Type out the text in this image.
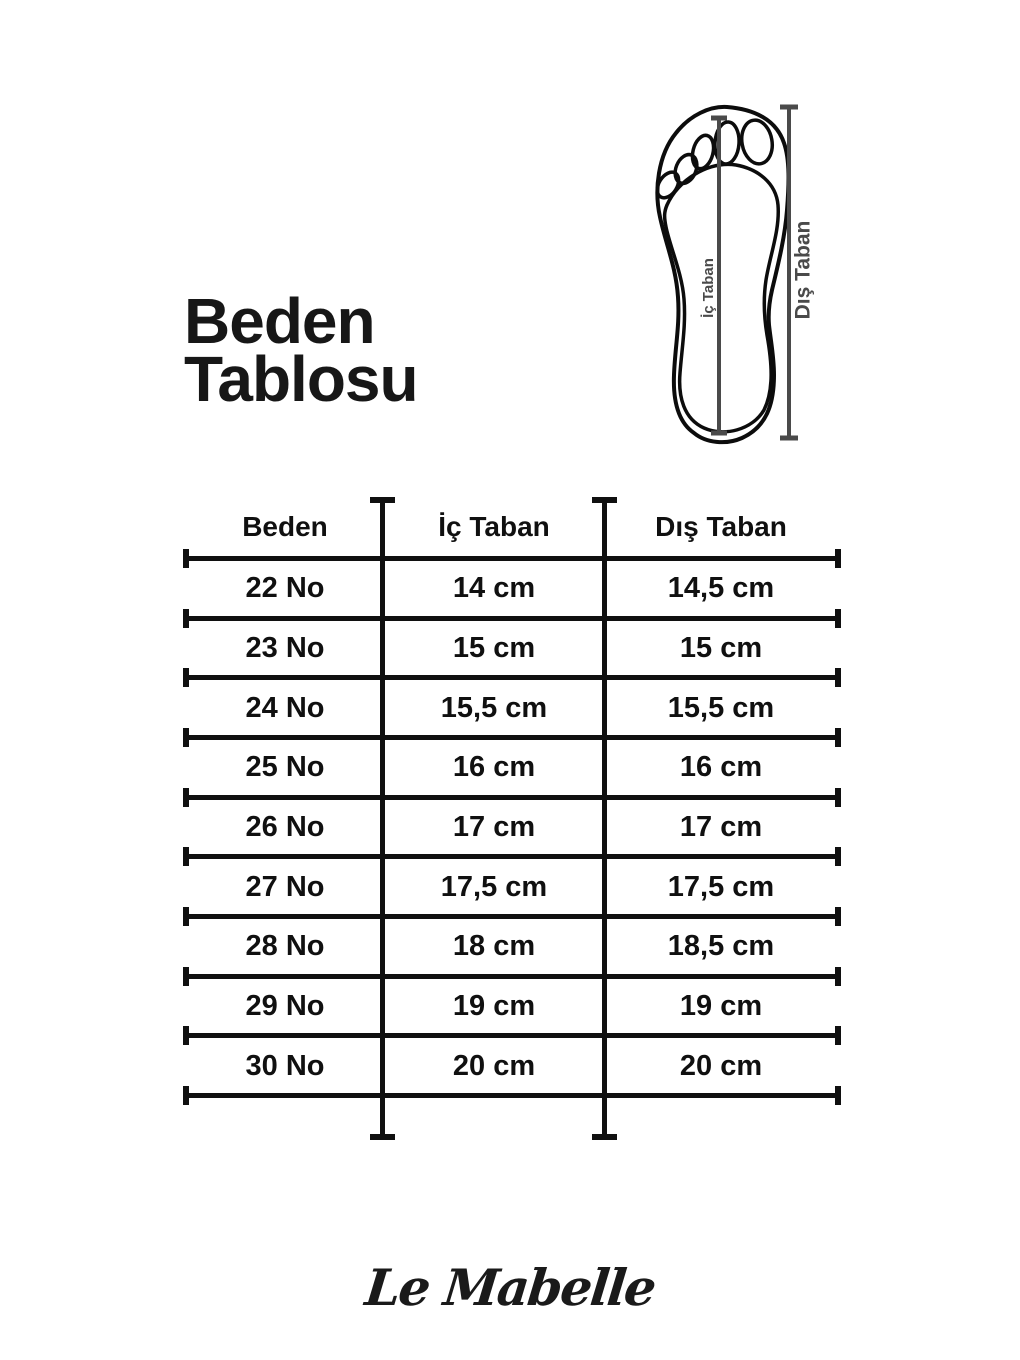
Beden
Tablosu
İç Taban	Dış Taban
Beden	İç Taban	Dış Taban
22 No	14 cm	14,5 cm
23 No	15 cm	15 cm
24 No	15,5 cm	15,5 cm
25 No	16 cm	16 cm
26 No	17 cm	17 cm
27 No	17,5 cm	17,5 cm
28 No	18 cm	18,5 cm
29 No	19 cm	19 cm
30 No	20 cm	20 cm
Le Mabelle
